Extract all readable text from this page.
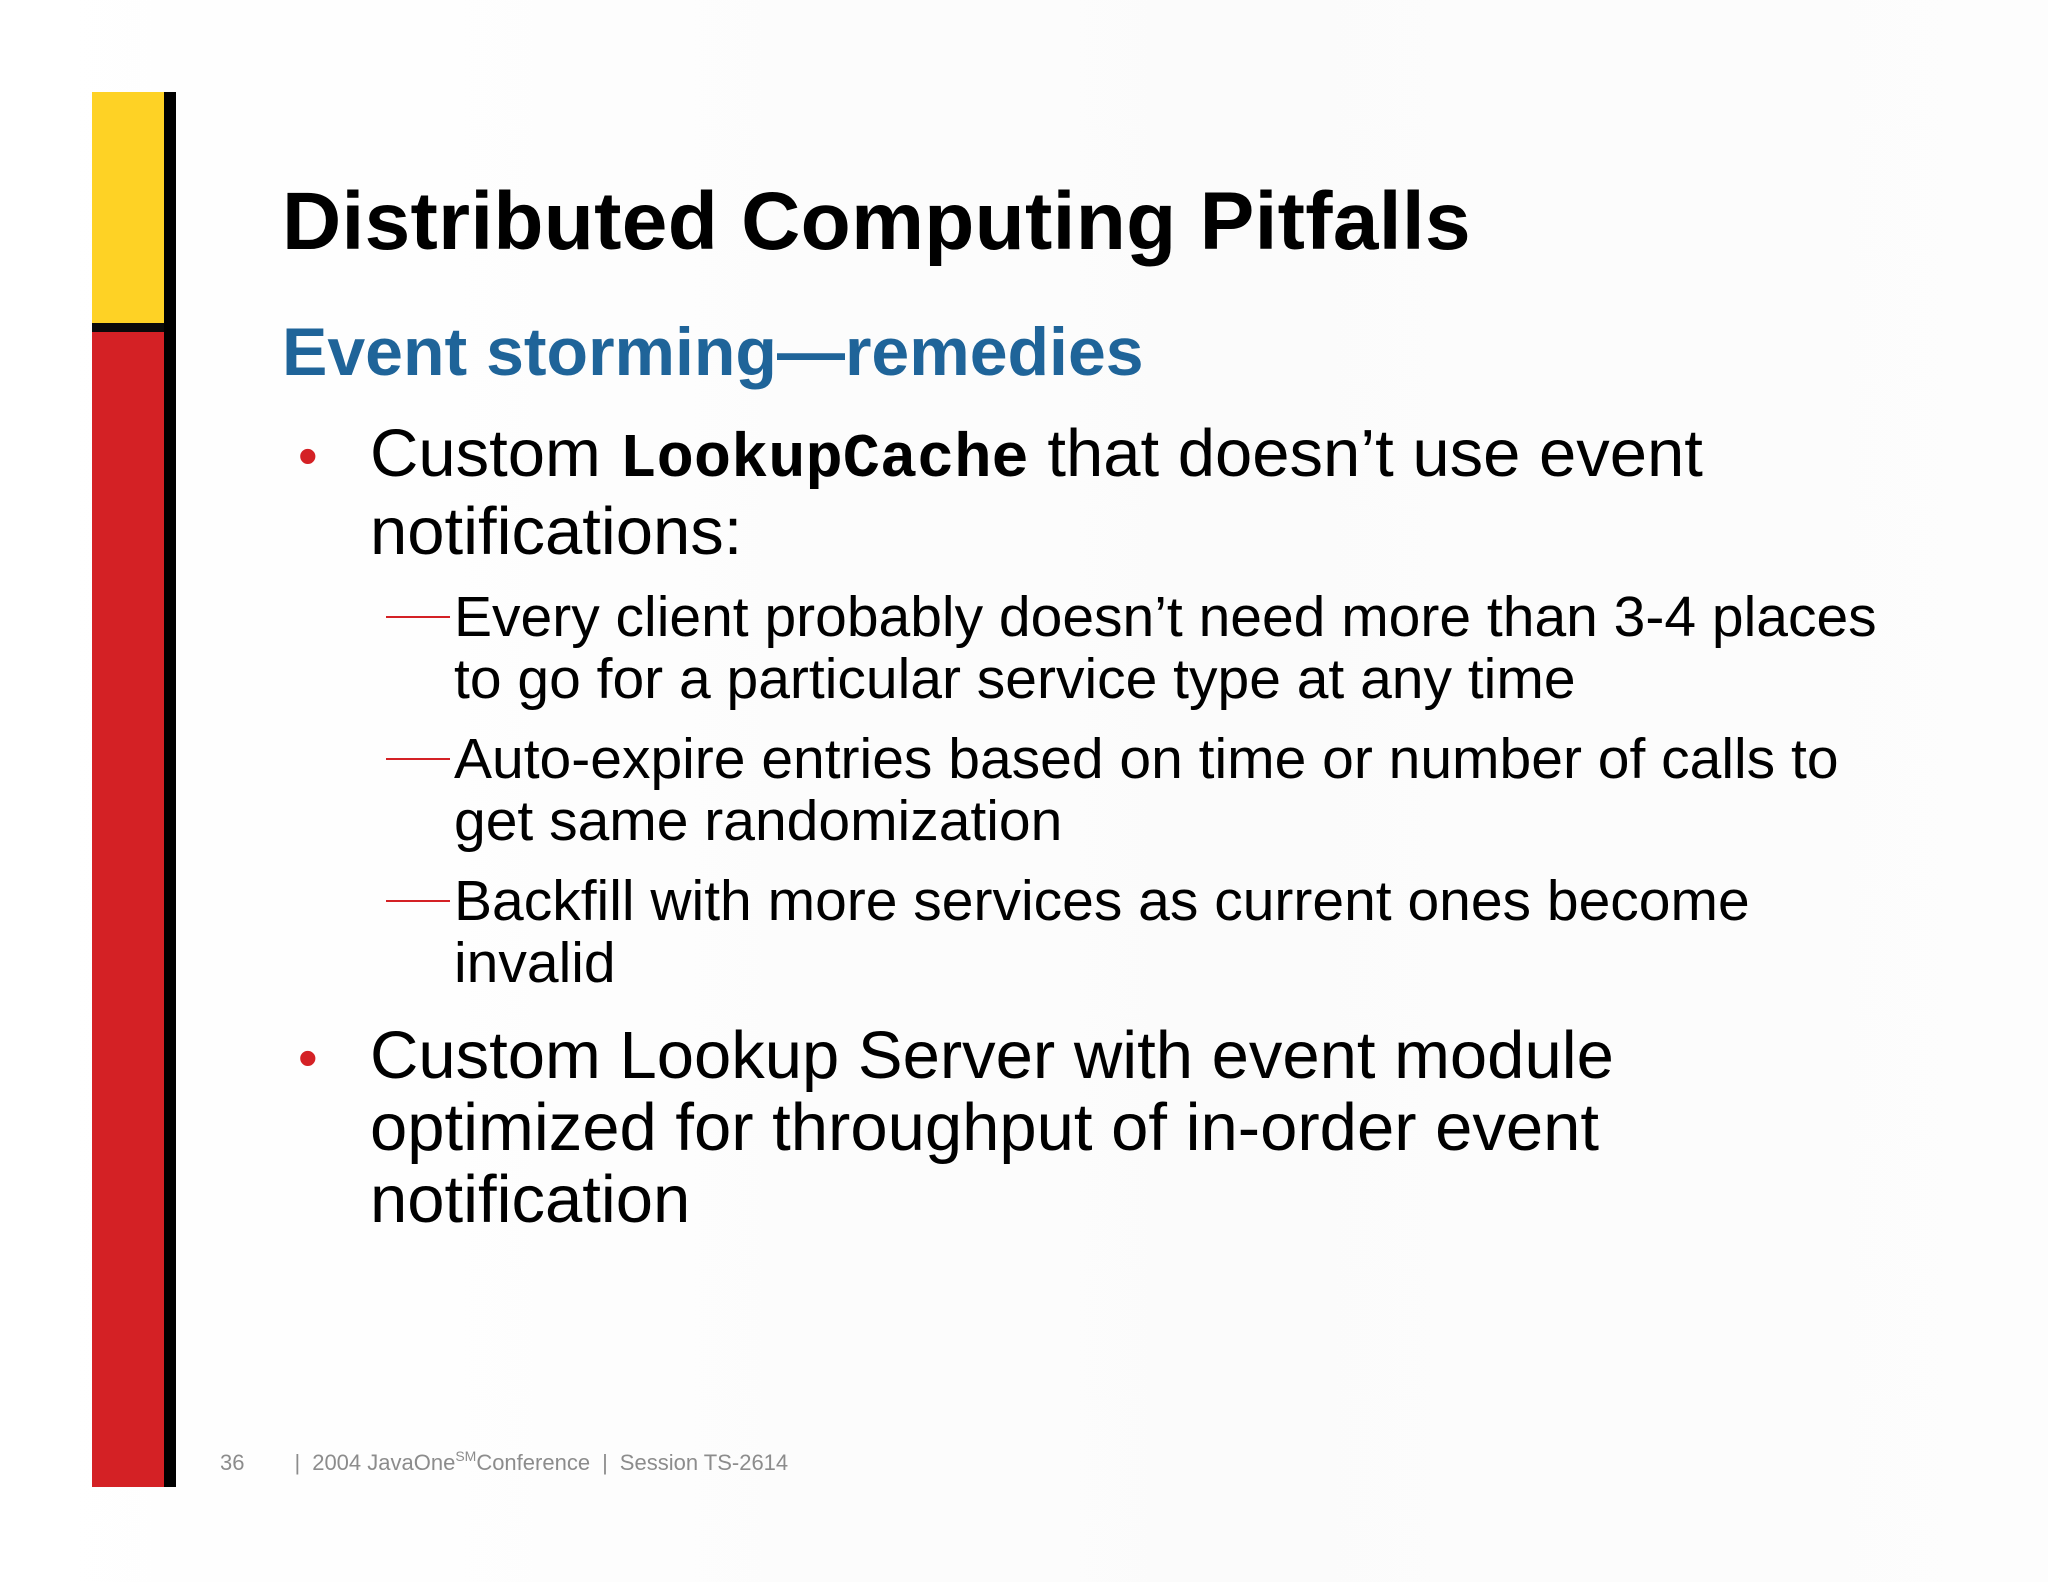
Distributed Computing Pitfalls
Event storming—remedies
• Custom LookupCache that doesn’t use event notifications:
Every client probably doesn’t need more than 3-4 places to go for a particular service type at any time
Auto-expire entries based on time or number of calls to get same randomization
Backfill with more services as current ones become invalid
• Custom Lookup Server with event module optimized for throughput of in-order event notification
36 | 2004 JavaOneSMConference | Session TS-2614
